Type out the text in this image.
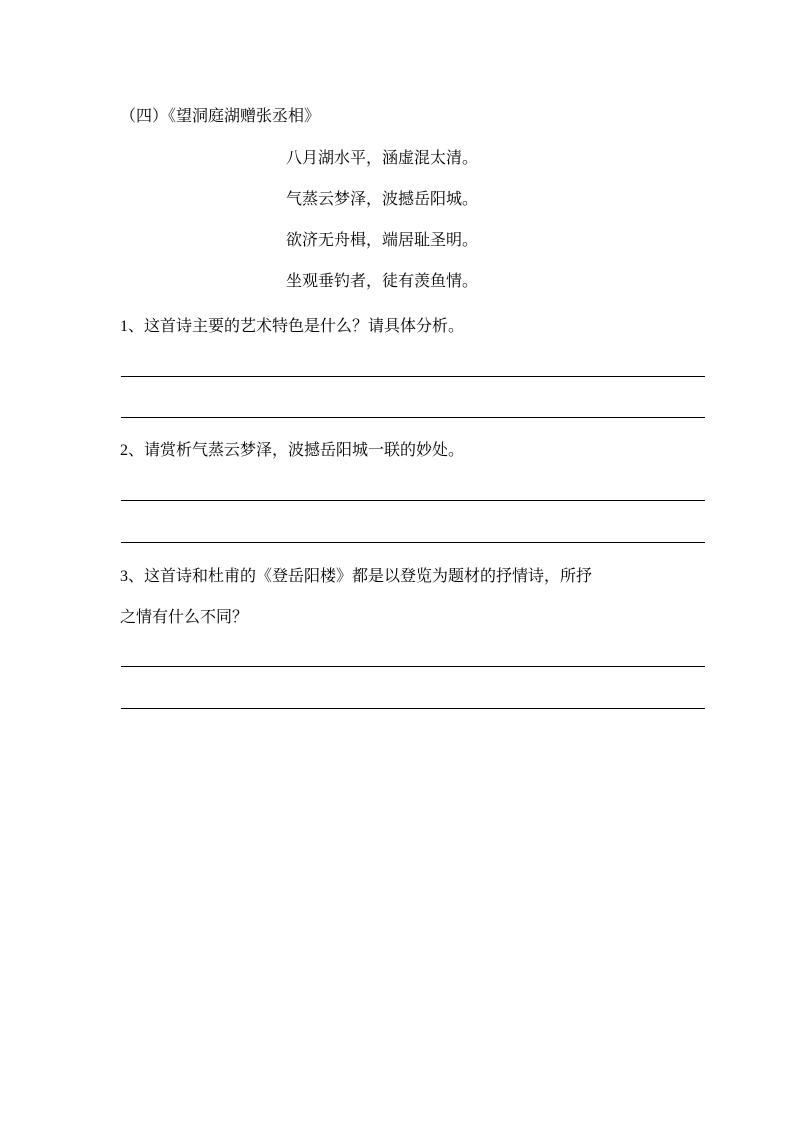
（四）《望洞庭湖赠张丞相》
八月湖水平，涵虚混太清。
气蒸云梦泽，波撼岳阳城。
欲济无舟楫，端居耻圣明。
坐观垂钓者，徒有羡鱼情。
1、这首诗主要的艺术特色是什么？请具体分析。
2、请赏析气蒸云梦泽，波撼岳阳城一联的妙处。
3、这首诗和杜甫的《登岳阳楼》都是以登览为题材的抒情诗，所抒
之情有什么不同？
